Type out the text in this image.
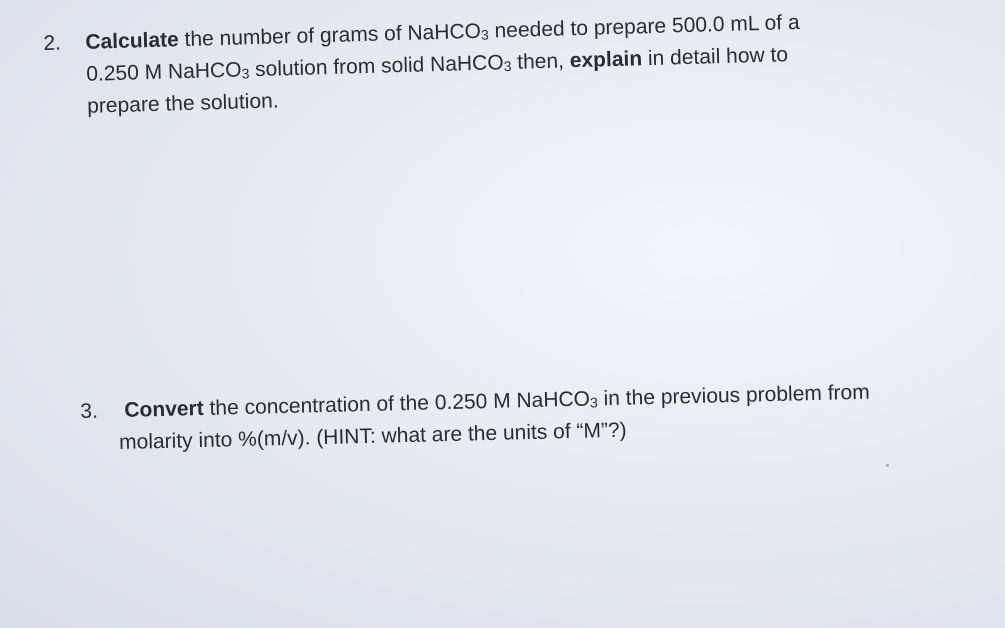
2. Calculate the number of grams of NaHCO$_3$ needed to prepare 500.0 mL of a
0.250 M NaHCO$_3$ solution from solid NaHCO$_3$ then, explain in detail how to
prepare the solution.
3. Convert the concentration of the 0.250 M NaHCO$_3$ in the previous problem from
molarity into %(m/v). (HINT: what are the units of “M”?)
